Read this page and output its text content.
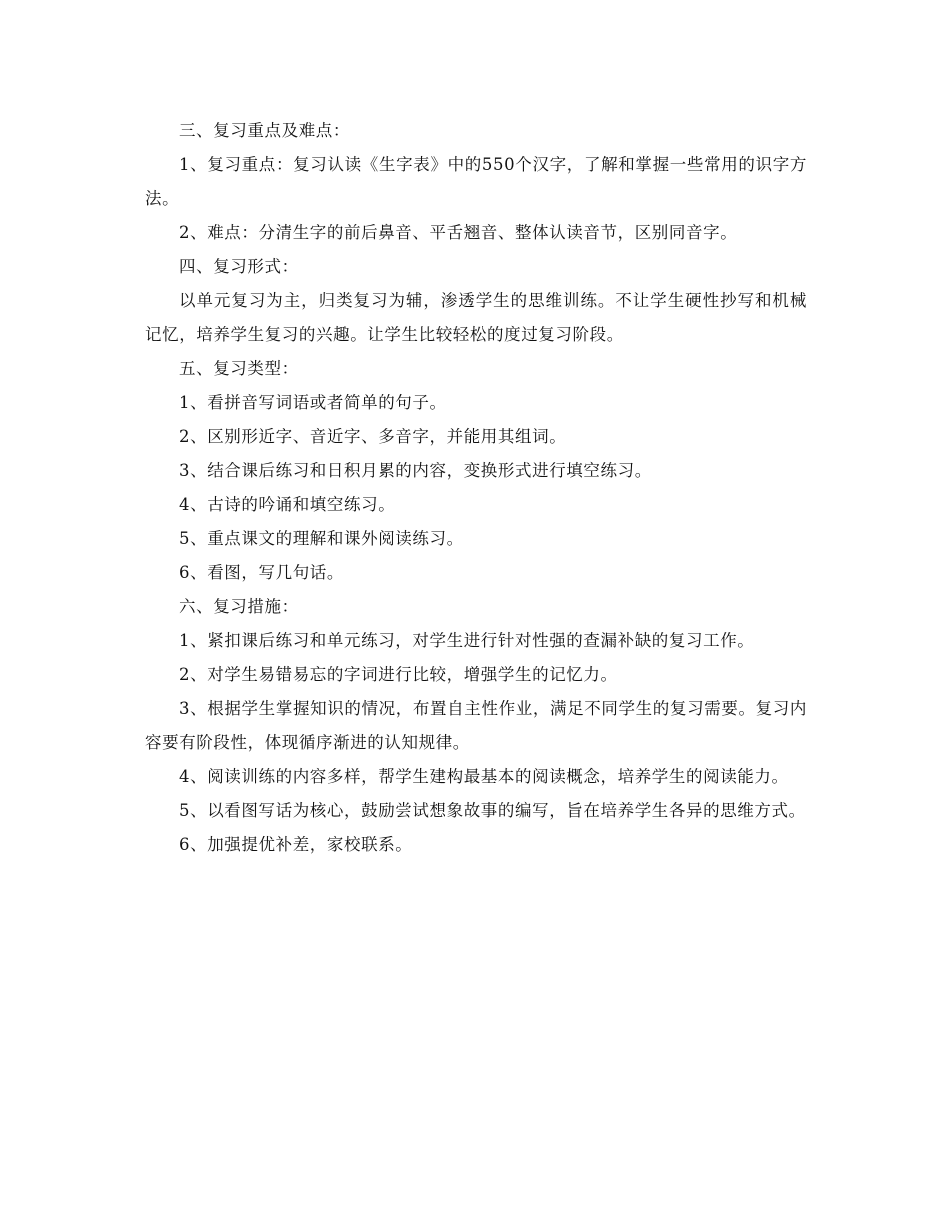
三、复习重点及难点：

1、复习重点：复习认读《生字表》中的550个汉字，了解和掌握一些常用的识字方法。

2、难点：分清生字的前后鼻音、平舌翘音、整体认读音节，区别同音字。

四、复习形式：

以单元复习为主，归类复习为辅，渗透学生的思维训练。不让学生硬性抄写和机械记忆，培养学生复习的兴趣。让学生比较轻松的度过复习阶段。

五、复习类型：

1、看拼音写词语或者简单的句子。

2、区别形近字、音近字、多音字，并能用其组词。

3、结合课后练习和日积月累的内容，变换形式进行填空练习。

4、古诗的吟诵和填空练习。

5、重点课文的理解和课外阅读练习。

6、看图，写几句话。

六、复习措施：

1、紧扣课后练习和单元练习，对学生进行针对性强的查漏补缺的复习工作。

2、对学生易错易忘的字词进行比较，增强学生的记忆力。

3、根据学生掌握知识的情况，布置自主性作业，满足不同学生的复习需要。复习内容要有阶段性，体现循序渐进的认知规律。

4、阅读训练的内容多样，帮学生建构最基本的阅读概念，培养学生的阅读能力。

5、以看图写话为核心，鼓励尝试想象故事的编写，旨在培养学生各异的思维方式。

6、加强提优补差，家校联系。
